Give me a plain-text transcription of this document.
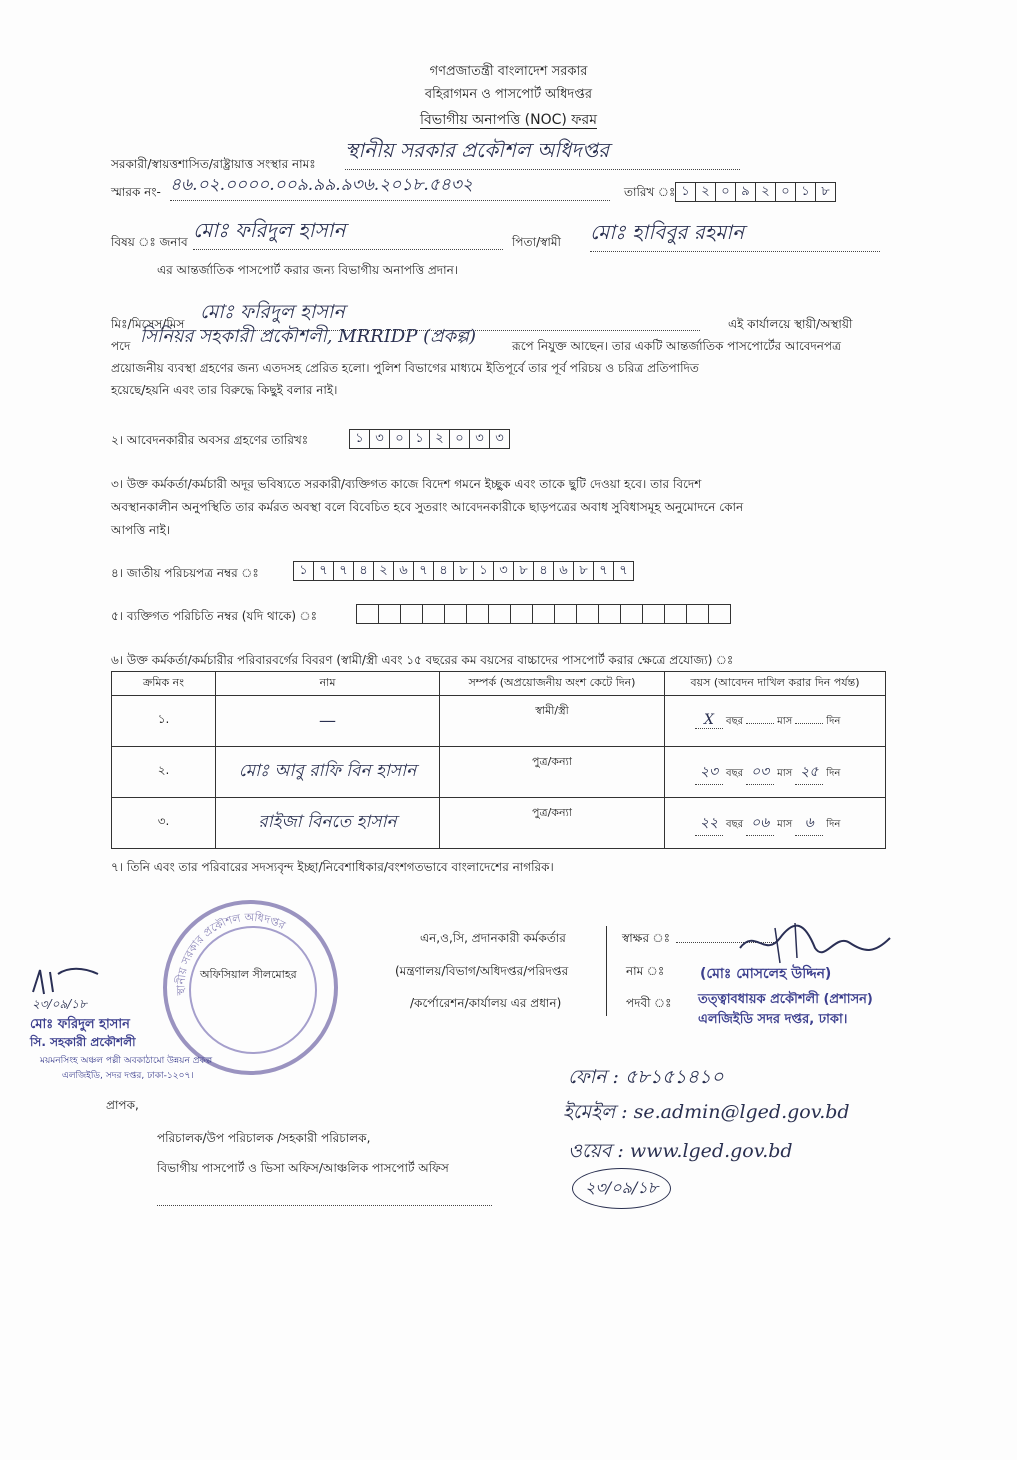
গণপ্রজাতন্ত্রী বাংলাদেশ সরকার
বহিরাগমন ও পাসপোর্ট অধিদপ্তর
বিভাগীয় অনাপত্তি (NOC) ফরম
সরকারী/স্বায়ত্তশাসিত/রাষ্ট্রায়াত্ত সংস্থার নামঃ
স্থানীয় সরকার প্রকৌশল অধিদপ্তর
স্মারক নং- ৪৬.০২.০০০০.০০৯.৯৯.৯৩৬.২০১৮.৫৪৩২	তারিখ ঃ ১ ২ ০ ৯ ২ ০ ১ ৮
বিষয় ঃ জনাব মোঃ ফরিদুল হাসান	পিতা/স্বামী মোঃ হাবিবুর রহমান
এর আন্তর্জাতিক পাসপোর্ট করার জন্য বিভাগীয় অনাপত্তি প্রদান।
মিঃ/মিসেস/মিস
মোঃ ফরিদুল হাসান
এই কার্যালয়ে স্থায়ী/অস্থায়ী
পদে সিনিয়র সহকারী প্রকৌশলী, MRRIDP (প্রকল্প)	রূপে নিযুক্ত আছেন। তার একটি আন্তর্জাতিক পাসপোর্টের আবেদনপত্র
প্রয়োজনীয় ব্যবস্থা গ্রহণের জন্য এতদসহ প্রেরিত হলো। পুলিশ বিভাগের মাধ্যমে ইতিপূর্বে তার পূর্ব পরিচয় ও চরিত্র প্রতিপাদিত
হয়েছে/হয়নি এবং তার বিরুদ্ধে কিছুই বলার নাই।
২। আবেদনকারীর অবসর গ্রহণের তারিখঃ	১ ৩ ০ ১ ২ ০ ৩ ৩
৩। উক্ত কর্মকর্তা/কর্মচারী অদূর ভবিষ্যতে সরকারী/ব্যক্তিগত কাজে বিদেশ গমনে ইচ্ছুক এবং তাকে ছুটি দেওয়া হবে। তার বিদেশ
অবস্থানকালীন অনুপস্থিতি তার কর্মরত অবস্থা বলে বিবেচিত হবে সুতরাং আবেদনকারীকে ছাড়পত্রের অবাধ সুবিধাসমূহ অনুমোদনে কোন
আপত্তি নাই।
৪। জাতীয় পরিচয়পত্র নম্বর ঃ	১ ৭ ৭ ৪ ২ ৬ ৭ ৪ ৮ ১ ৩ ৮ ৪ ৬ ৮ ৭ ৭
৫। ব্যক্তিগত পরিচিতি নম্বর (যদি থাকে) ঃ
৬। উক্ত কর্মকর্তা/কর্মচারীর পরিবারবর্গের বিবরণ (স্বামী/স্ত্রী এবং ১৫ বছরের কম বয়সের বাচ্চাদের পাসপোর্ট করার ক্ষেত্রে প্রযোজ্য) ঃ
ক্রমিক নং	নাম	সম্পর্ক (অপ্রয়োজনীয় অংশ কেটে দিন)	বয়স (আবেদন দাখিল করার দিন পর্যন্ত)
১.	—	স্বামী/স্ত্রী	X বছর মাস দিন
২.	মোঃ আবু রাফি বিন হাসান	পুত্র/কন্যা	২৩ বছর ০৩ মাস ২৫ দিন
৩.	রাইজা বিনতে হাসান	পুত্র/কন্যা	২২ বছর ০৬ মাস ৬ দিন
৭। তিনি এবং তার পরিবারের সদস্যবৃন্দ ইচ্ছা/নিবেশাধিকার/বংশগতভাবে বাংলাদেশের নাগরিক।
স্থানীয় সরকার প্রকৌশল অধিদপ্তর
অফিসিয়াল সীলমোহর
এন,ও,সি, প্রদানকারী কর্মকর্তার
(মন্ত্রণালয়/বিভাগ/অধিদপ্তর/পরিদপ্তর
/কর্পোরেশন/কার্যালয় এর প্রধান)
স্বাক্ষর ঃ
নাম ঃ	(মোঃ মোসলেহ উদ্দিন)
পদবী ঃ তত্ত্বাবধায়ক প্রকৌশলী (প্রশাসন)
এলজিইডি সদর দপ্তর, ঢাকা।
২৩/০৯/১৮
মোঃ ফরিদুল হাসান
সি. সহকারী প্রকৌশলী
ময়মনসিংহ অঞ্চল পল্লী অবকাঠামো উন্নয়ন প্রকল্প
এলজিইডি, সদর দপ্তর, ঢাকা-১২০৭।	ফোন : ৫৮১৫১৪১০
ইমেইল : se.admin@lged.gov.bd
ওয়েব : www.lged.gov.bd
২৩/০৯/১৮
প্রাপক,
পরিচালক/উপ পরিচালক /সহকারী পরিচালক,
বিভাগীয় পাসপোর্ট ও ভিসা অফিস/আঞ্চলিক পাসপোর্ট অফিস
